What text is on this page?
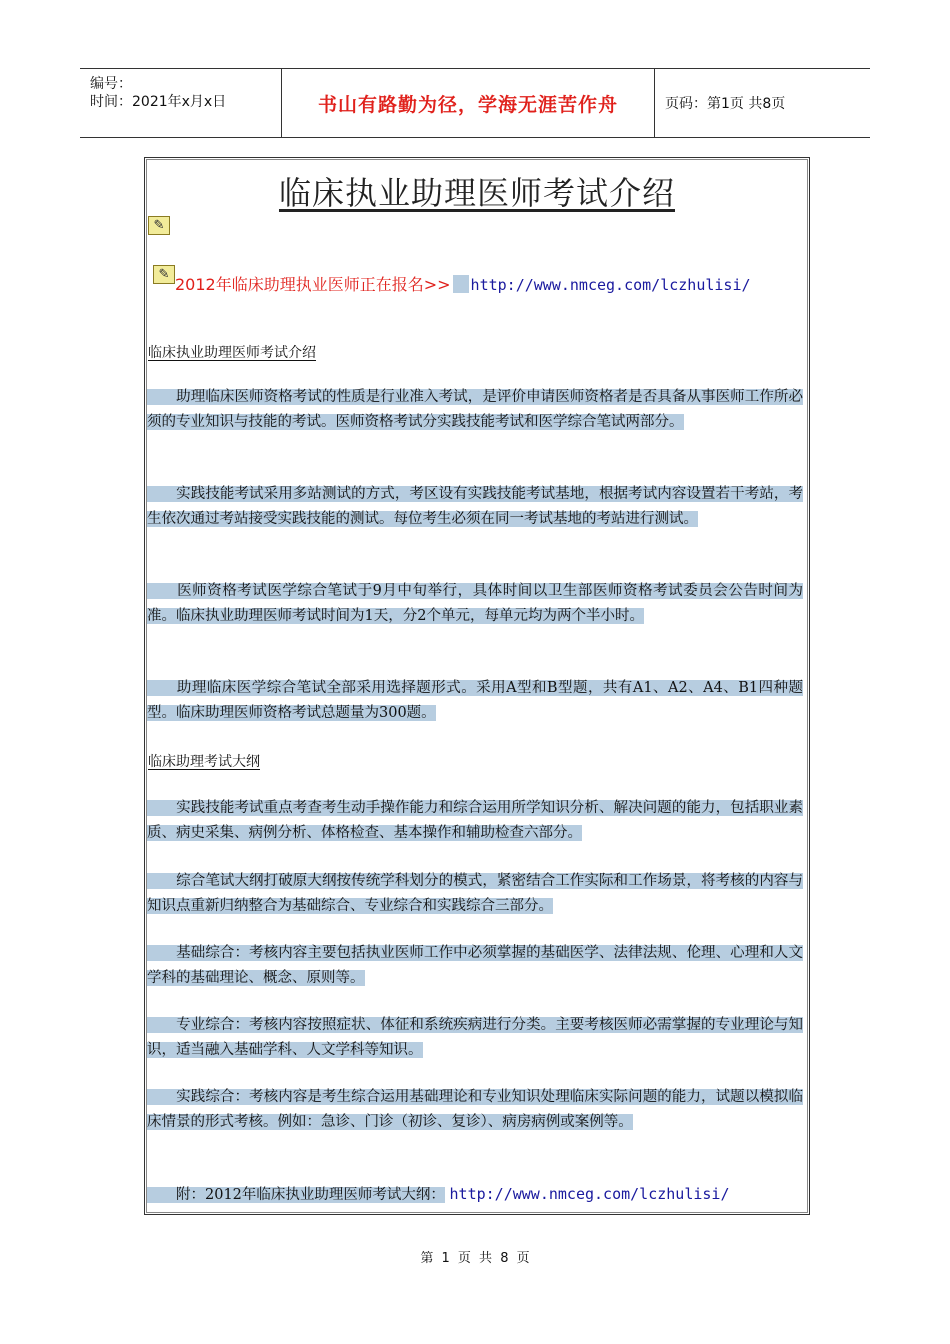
编号：
时间：2021年x月x日	书山有路勤为径，学海无涯苦作舟	页码：第1页 共8页
临床执业助理医师考试介绍
✎
✎
2012年临床助理执业医师正在报名>> http://www.nmceg.com/lczhulisi/
临床执业助理医师考试介绍
　　助理临床医师资格考试的性质是行业准入考试，是评价申请医师资格者是否具备从事医师工作所必须的专业知识与技能的考试。医师资格考试分实践技能考试和医学综合笔试两部分。
　　实践技能考试采用多站测试的方式，考区设有实践技能考试基地，根据考试内容设置若干考站，考生依次通过考站接受实践技能的测试。每位考生必须在同一考试基地的考站进行测试。
　　医师资格考试医学综合笔试于9月中旬举行，具体时间以卫生部医师资格考试委员会公告时间为准。临床执业助理医师考试时间为1天，分2个单元，每单元均为两个半小时。
　　助理临床医学综合笔试全部采用选择题形式。采用A型和B型题，共有A1、A2、A4、B1四种题型。临床助理医师资格考试总题量为300题。
临床助理考试大纲
　　实践技能考试重点考查考生动手操作能力和综合运用所学知识分析、解决问题的能力，包括职业素质、病史采集、病例分析、体格检查、基本操作和辅助检查六部分。
　　综合笔试大纲打破原大纲按传统学科划分的模式，紧密结合工作实际和工作场景，将考核的内容与知识点重新归纳整合为基础综合、专业综合和实践综合三部分。
　　基础综合：考核内容主要包括执业医师工作中必须掌握的基础医学、法律法规、伦理、心理和人文学科的基础理论、概念、原则等。
　　专业综合：考核内容按照症状、体征和系统疾病进行分类。主要考核医师必需掌握的专业理论与知识，适当融入基础学科、人文学科等知识。
　　实践综合：考核内容是考生综合运用基础理论和专业知识处理临床实际问题的能力，试题以模拟临床情景的形式考核。例如：急诊、门诊（初诊、复诊）、病房病例或案例等。
　　附：2012年临床执业助理医师考试大纲： http://www.nmceg.com/lczhulisi/
第 1 页 共 8 页
